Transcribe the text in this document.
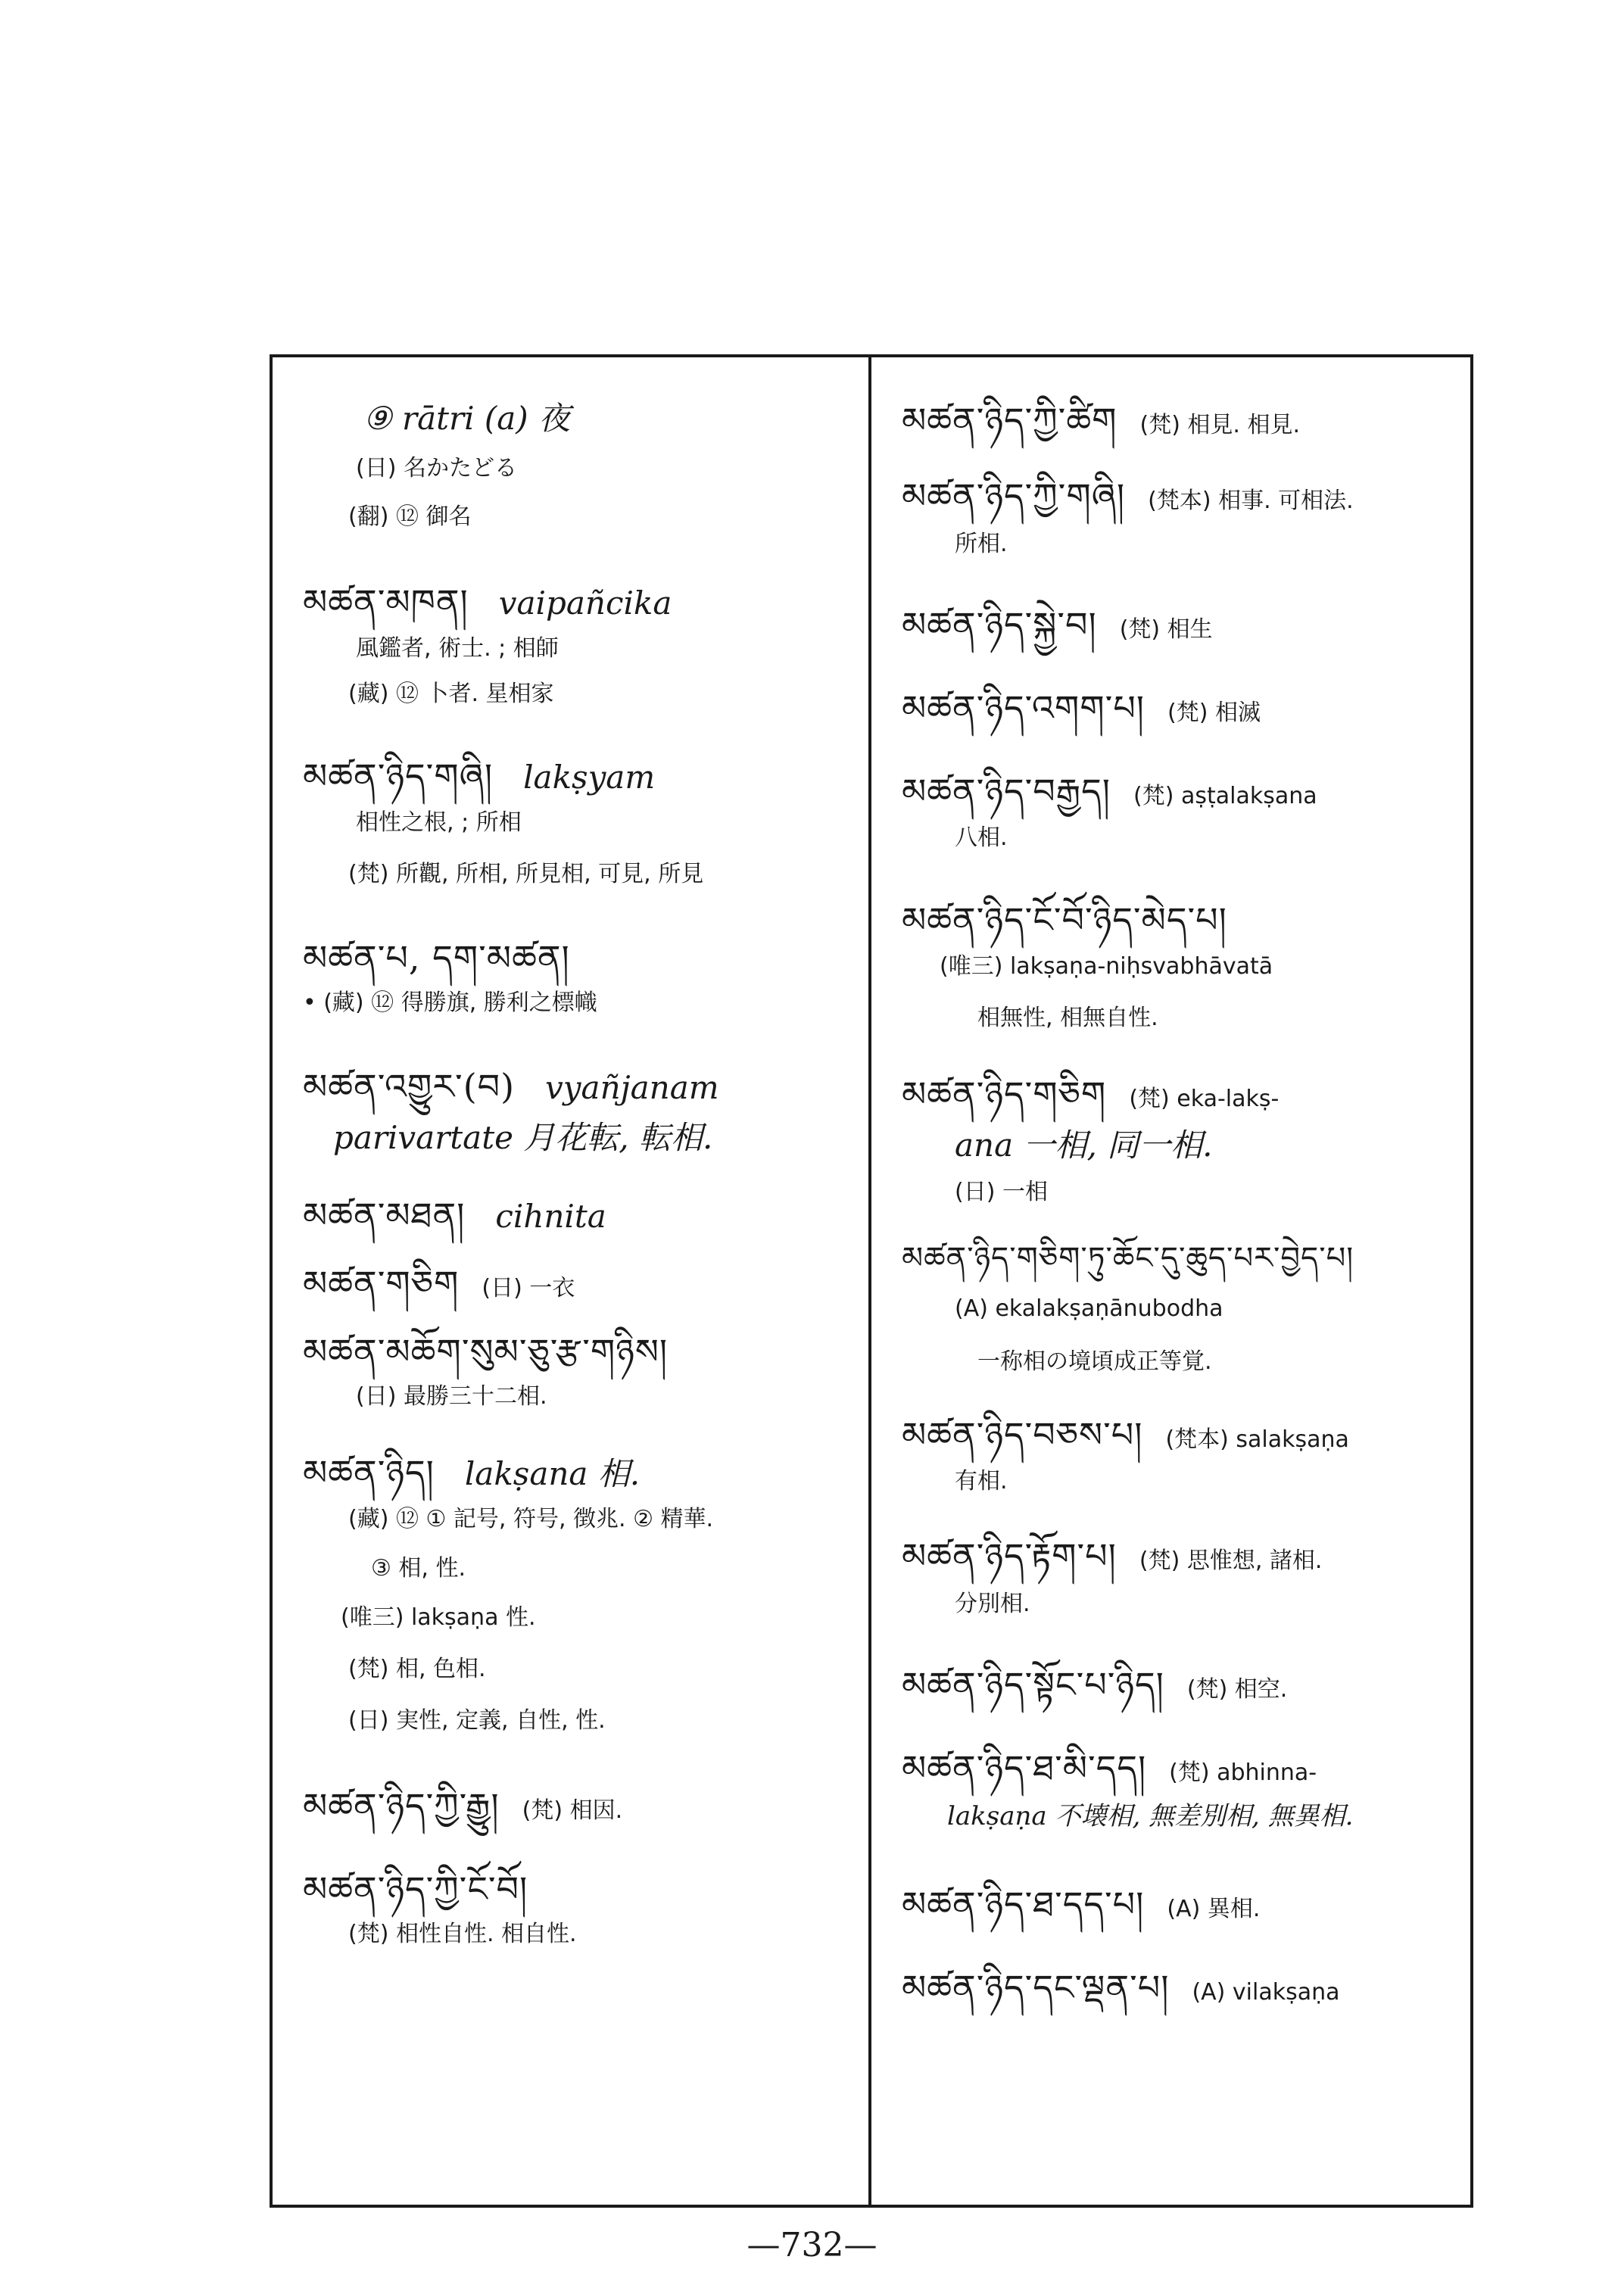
⑨ rātri (a) 夜
(日) 名かたどる
(翻) ⑫ 御名
མཚན་མཁན། vaipañcika
風鑑者, 術士. ; 相師
(藏) ⑫ 卜者. 星相家
མཚན་ཉིད་གཞི། lakṣyam
相性之根, ; 所相
(梵) 所觀, 所相, 所見相, 可見, 所見
མཚན་པ, དག་མཚན།
• (藏) ⑫ 得勝旗, 勝利之標幟
མཚན་འགྱུར་(བ) vyañjanam
parivartate 月花転, 転相.
མཚན་མཐན། cihnita
མཚན་གཅིག (日) 一衣
མཚན་མཆོག་སུམ་ཅུ་རྩ་གཉིས།
(日) 最勝三十二相.
མཚན་ཉིད། lakṣana 相.
(藏) ⑫ ① 記号, 符号, 徴兆. ② 精華.
③ 相, 性.
(唯三) lakṣaṇa 性.
(梵) 相, 色相.
(日) 実性, 定義, 自性, 性.
མཚན་ཉིད་ཀྱི་རྒྱུ། (梵) 相因.
མཚན་ཉིད་ཀྱི་ངོ་བོ།
(梵) 相性自性. 相自性.
མཚན་ཉིད་ཀྱི་ཚིག (梵) 相見. 相見.
མཚན་ཉིད་ཀྱི་གཞི། (梵本) 相事. 可相法.
所相.
མཚན་ཉིད་སྐྱེ་བ། (梵) 相生
མཚན་ཉིད་འགག་པ། (梵) 相滅
མཚན་ཉིད་བརྒྱད། (梵) aṣṭalakṣana
八相.
མཚན་ཉིད་ངོ་བོ་ཉིད་མེད་པ།
(唯三) lakṣaṇa-niḥsvabhāvatā
相無性, 相無自性.
མཚན་ཉིད་གཅིག (梵) eka-lakṣ-
ana 一相, 同一相.
(日) 一相
མཚན་ཉིད་གཅིག་ཏུ་ཆོང་དུ་ཆུད་པར་བྱེད་པ།
(A) ekalakṣaṇānubodha
一称相の境頃成正等覚.
མཚན་ཉིད་བཅས་པ། (梵本) salakṣaṇa
有相.
མཚན་ཉིད་རྟོག་པ། (梵) 思惟想, 諸相.
分別相.
མཚན་ཉིད་སྟོང་པ་ཉིད། (梵) 相空.
མཚན་ཉིད་ཐ་མི་དད། (梵) abhinna-
lakṣaṇa 不壊相, 無差別相, 無異相.
མཚན་ཉིད་ཐ་དད་པ། (A) 異相.
མཚན་ཉིད་དང་ལྡན་པ། (A) vilakṣaṇa
—732—
